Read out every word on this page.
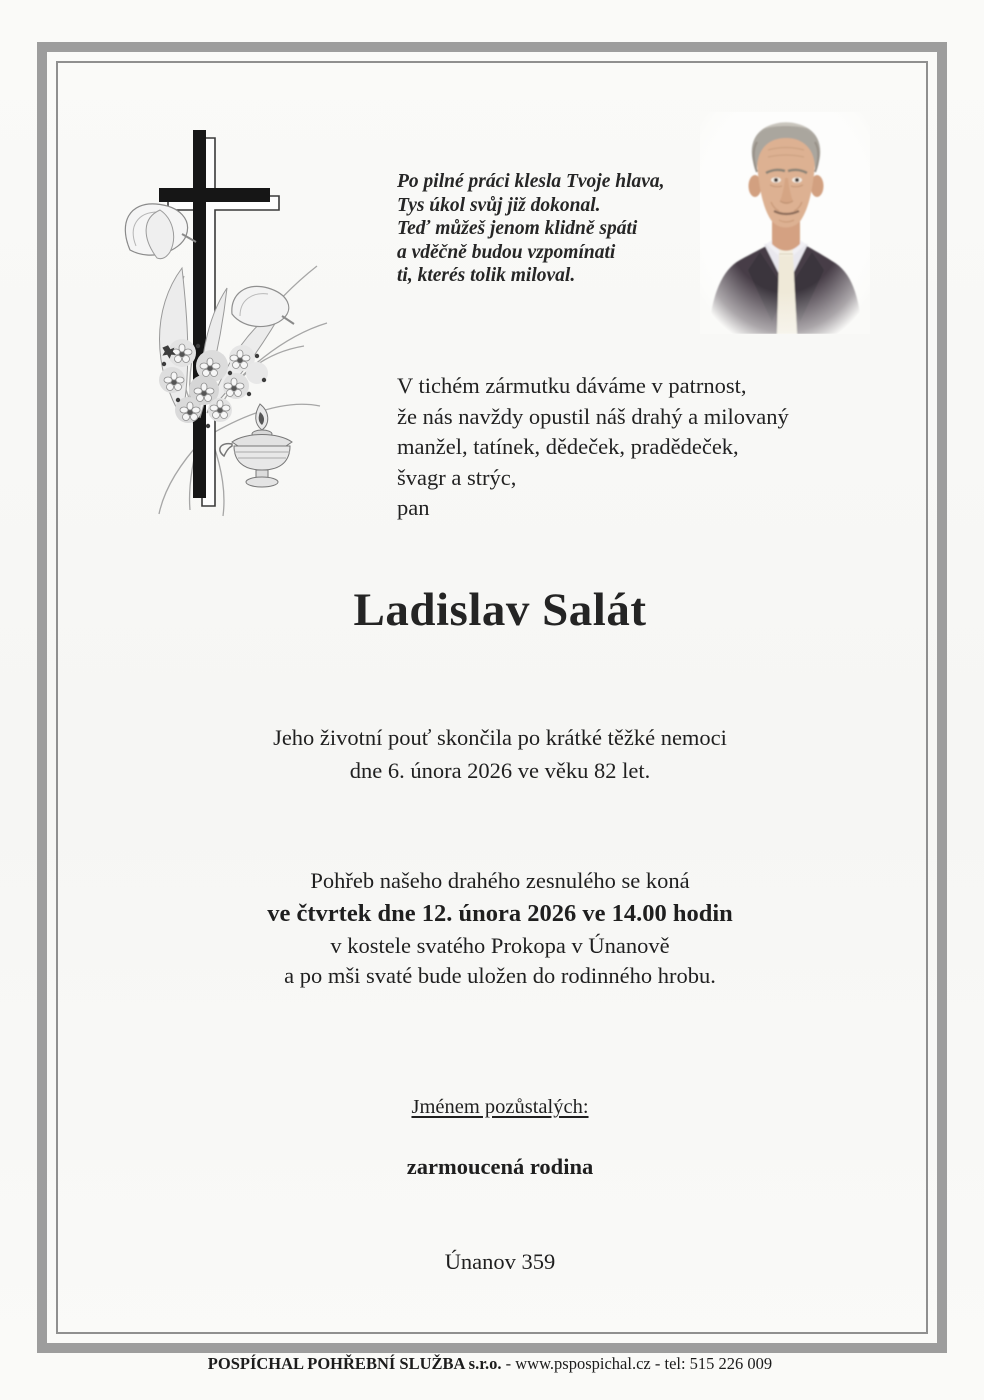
Po pilné práci klesla Tvoje hlava,
Tys úkol svůj již dokonal.
Teď můžeš jenom klidně spáti
a vděčně budou vzpomínati
ti, kterés tolik miloval.
V tichém zármutku dáváme v patrnost,
že nás navždy opustil náš drahý a milovaný
manžel, tatínek, dědeček, pradědeček,
švagr a strýc,
pan
Ladislav Salát
Jeho životní pouť skončila po krátké těžké nemoci
dne 6. února 2026 ve věku 82 let.
Pohřeb našeho drahého zesnulého se koná
ve čtvrtek dne 12. února 2026 ve 14.00 hodin
v kostele svatého Prokopa v Únanově
a po mši svaté bude uložen do rodinného hrobu.
Jménem pozůstalých:
zarmoucená rodina
Únanov 359
POSPÍCHAL POHŘEBNÍ SLUŽBA s.r.o. - www.pspospichal.cz - tel: 515 226 009
